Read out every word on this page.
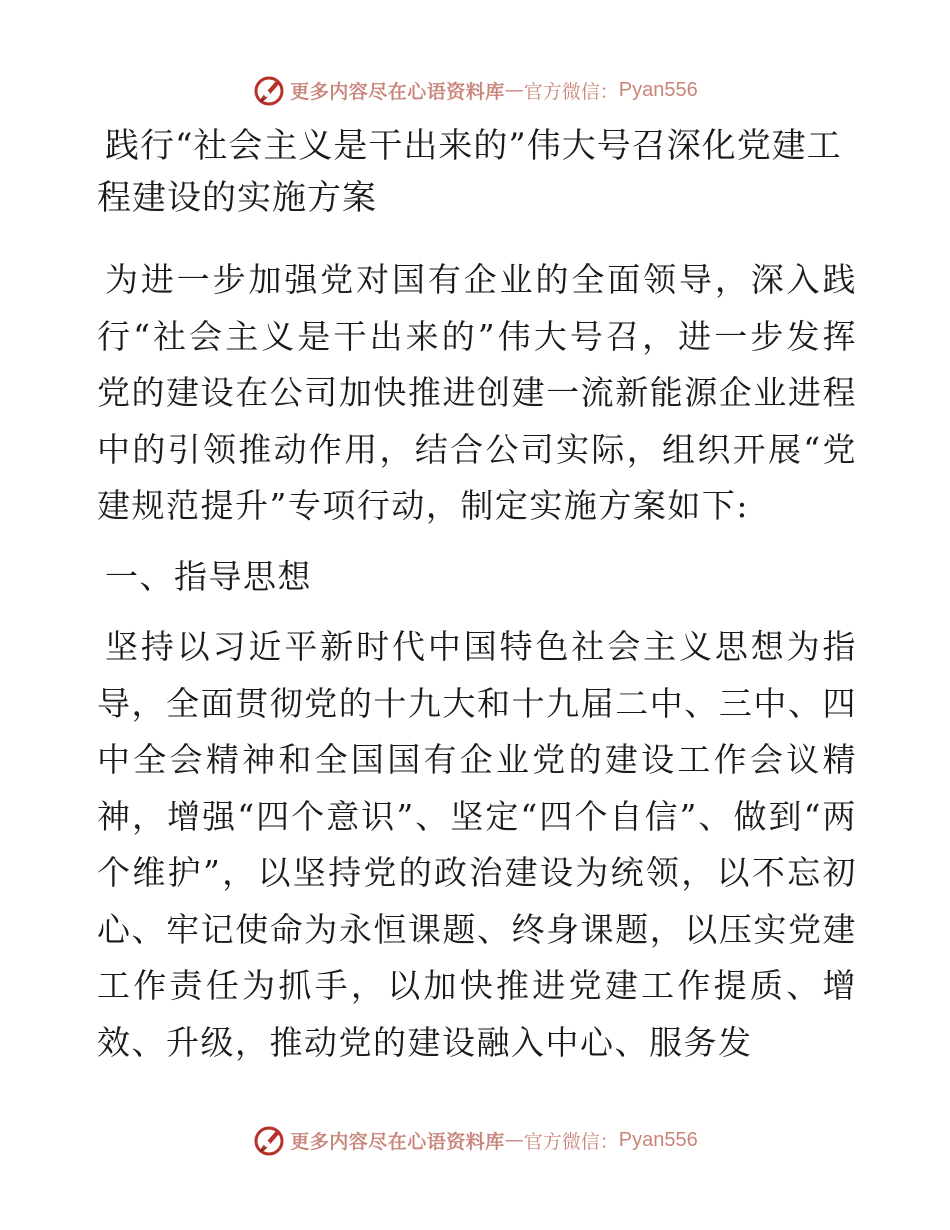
更多内容尽在心语资料库 — 官方微信： Pyan556
践行“社会主义是干出来的”伟大号召深化党建工程建设的实施方案

为进一步加强党对国有企业的全面领导，深入践行“社会主义是干出来的”伟大号召，进一步发挥党的建设在公司加快推进创建一流新能源企业进程中的引领推动作用，结合公司实际，组织开展“党建规范提升”专项行动，制定实施方案如下:

一、指导思想

坚持以习近平新时代中国特色社会主义思想为指导，全面贯彻党的十九大和十九届二中、三中、四中全会精神和全国国有企业党的建设工作会议精神，增强“四个意识”、坚定“四个自信”、做到“两个维护”，以坚持党的政治建设为统领，以不忘初心、牢记使命为永恒课题、终身课题，以压实党建工作责任为抓手，以加快推进党建工作提质、增效、升级，推动党的建设融入中心、服务发

更多内容尽在心语资料库 — 官方微信： Pyan556
